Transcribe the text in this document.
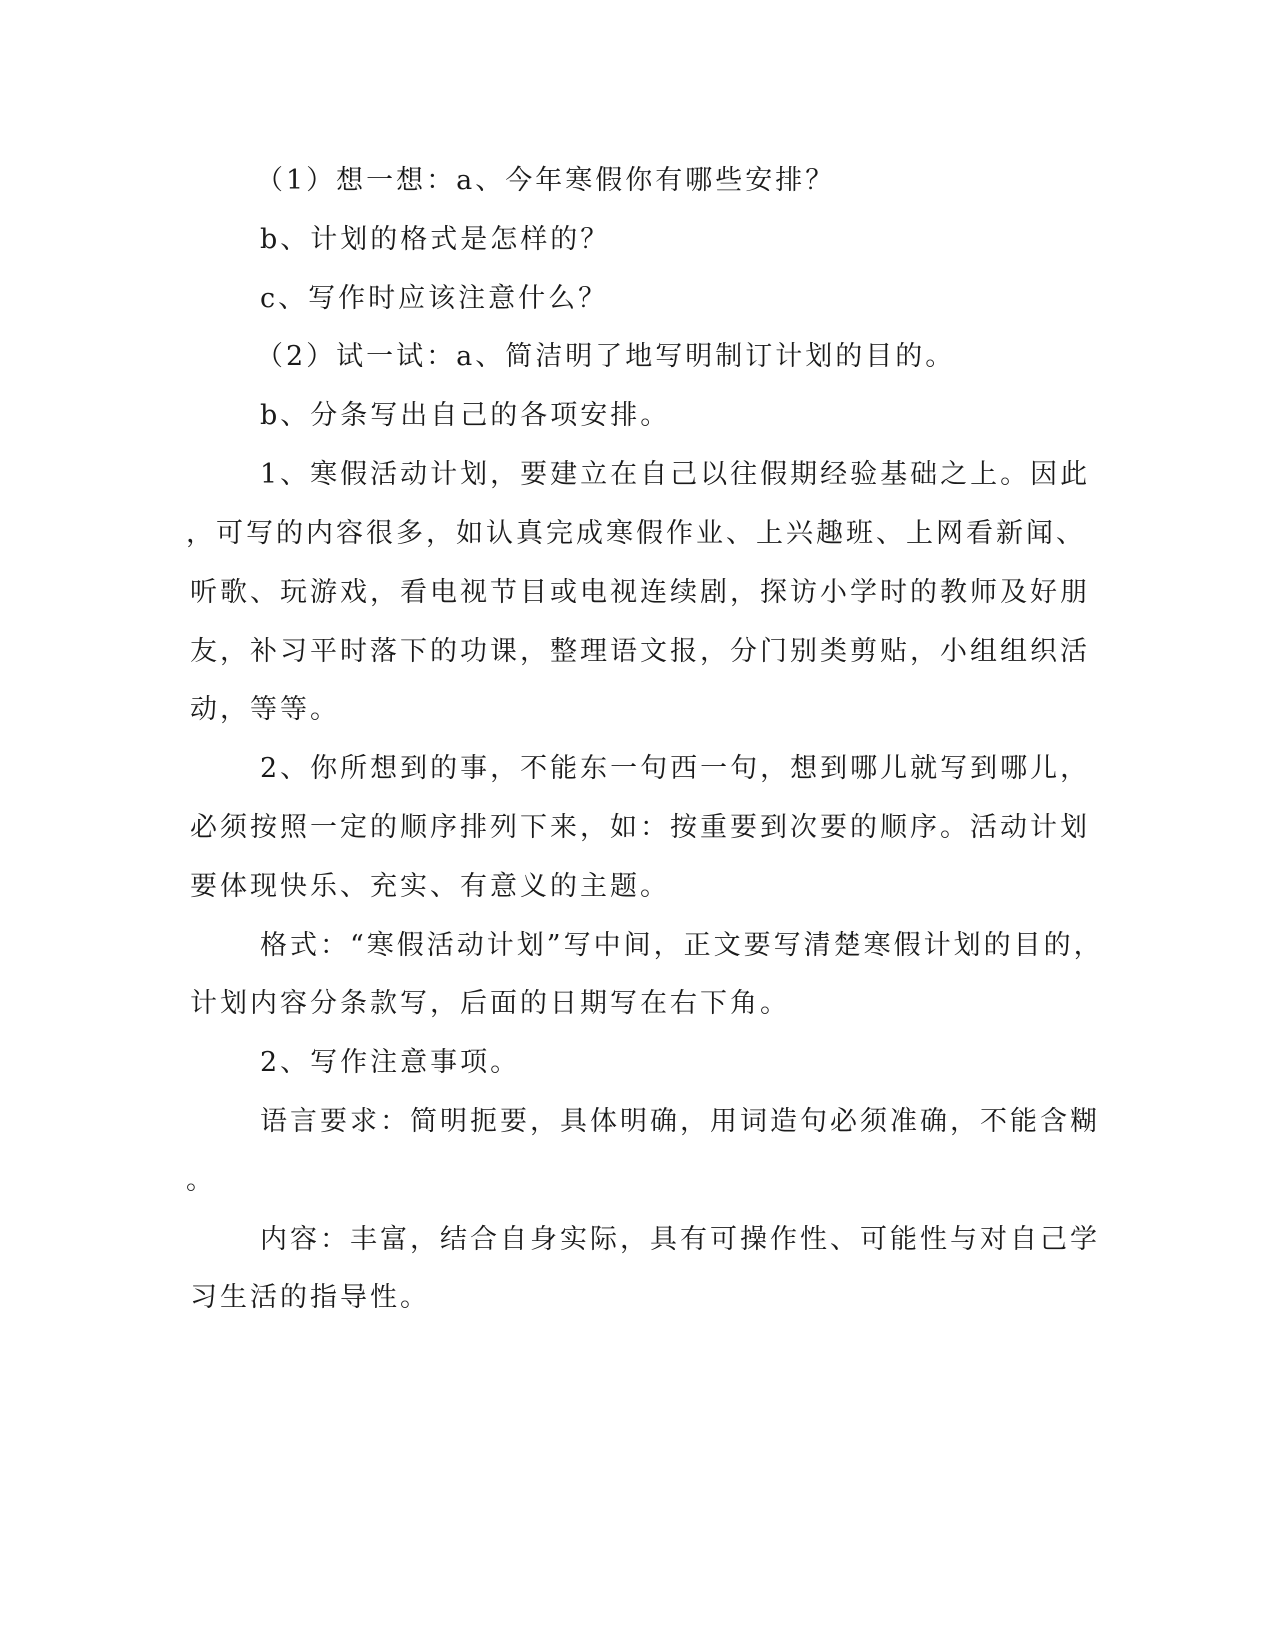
（1）想一想：a、今年寒假你有哪些安排？
b、计划的格式是怎样的？
c、写作时应该注意什么？
（2）试一试：a、简洁明了地写明制订计划的目的。
b、分条写出自己的各项安排。
1、寒假活动计划，要建立在自己以往假期经验基础之上。因此
，可写的内容很多，如认真完成寒假作业、上兴趣班、上网看新闻、
听歌、玩游戏，看电视节目或电视连续剧，探访小学时的教师及好朋
友，补习平时落下的功课，整理语文报，分门别类剪贴，小组组织活
动，等等。
2、你所想到的事，不能东一句西一句，想到哪儿就写到哪儿，
必须按照一定的顺序排列下来，如：按重要到次要的顺序。活动计划
要体现快乐、充实、有意义的主题。
格式：“寒假活动计划”写中间，正文要写清楚寒假计划的目的，
计划内容分条款写，后面的日期写在右下角。
2、写作注意事项。
语言要求：简明扼要，具体明确，用词造句必须准确，不能含糊
。
内容：丰富，结合自身实际，具有可操作性、可能性与对自己学
习生活的指导性。
